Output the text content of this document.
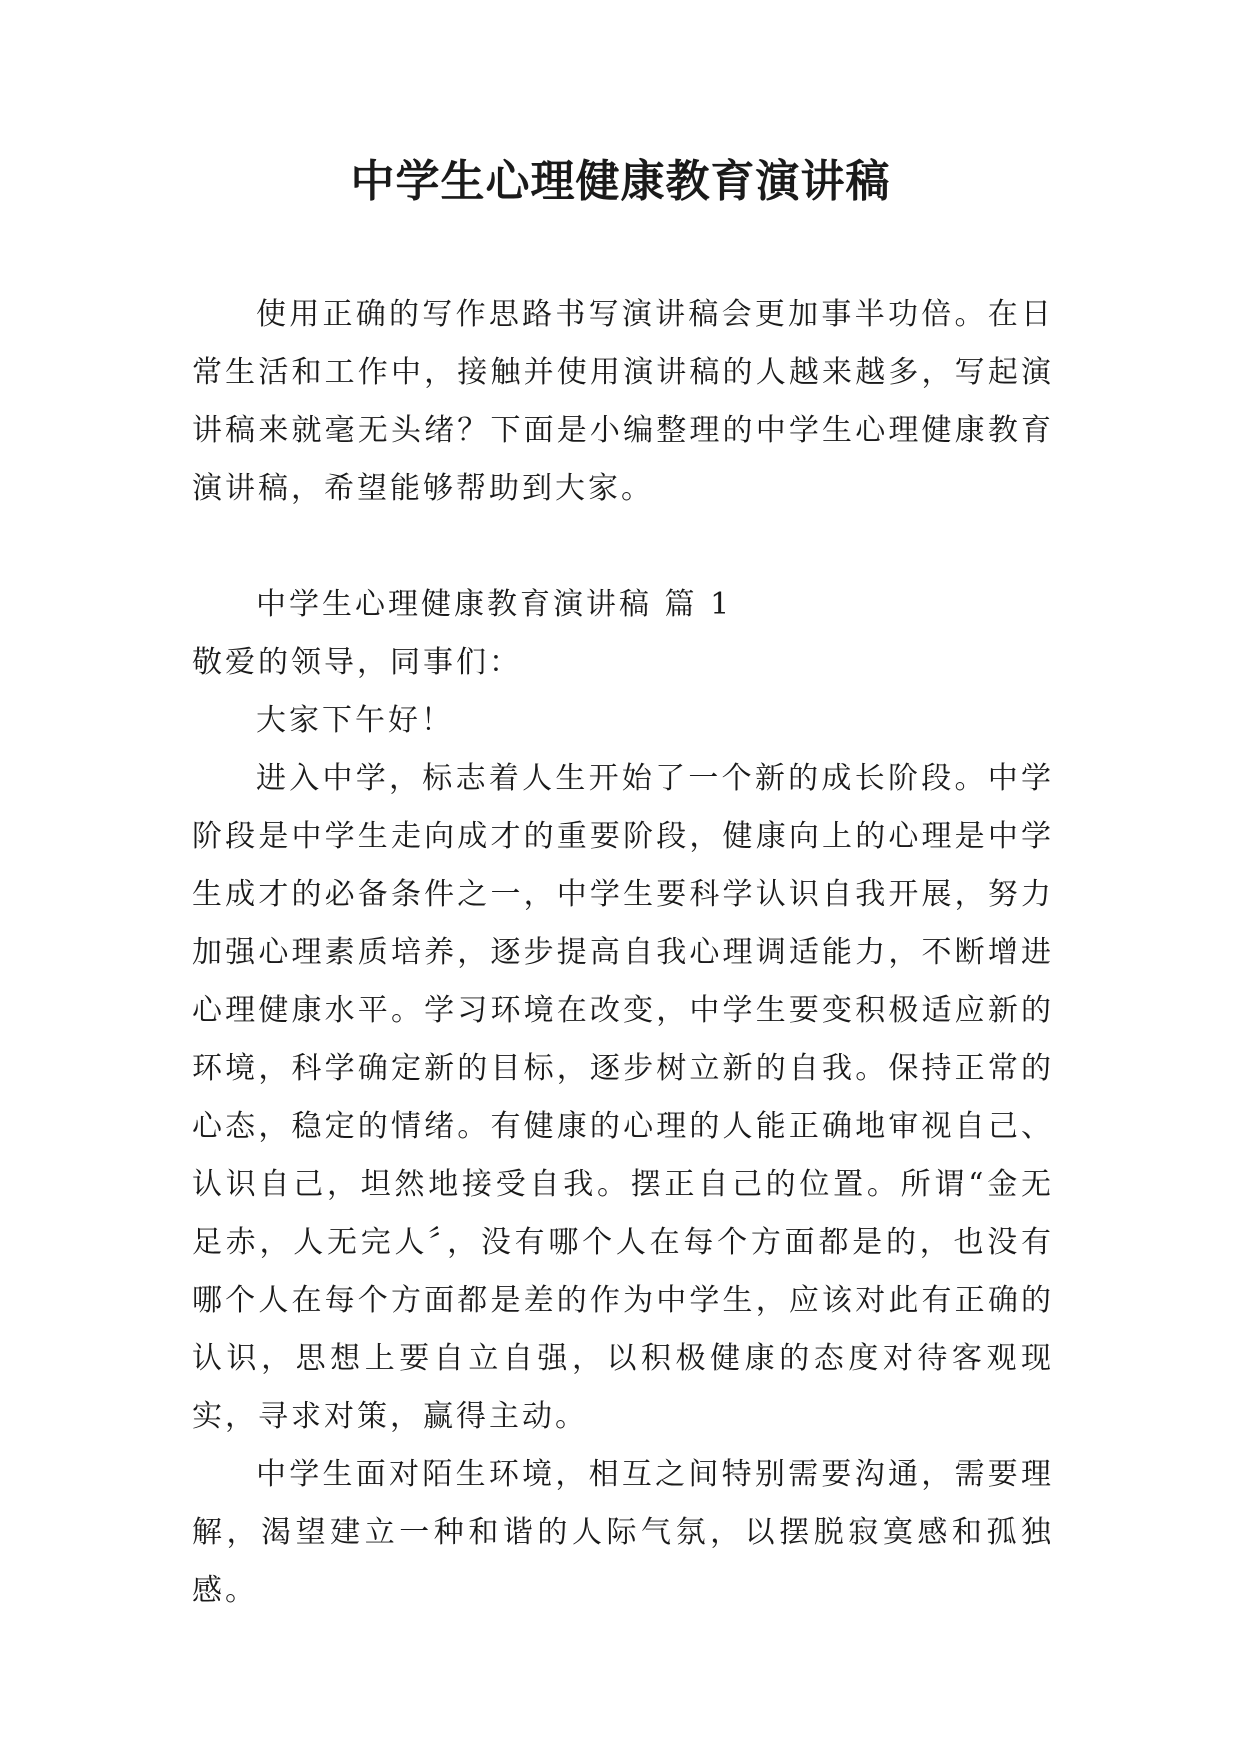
中学生心理健康教育演讲稿

使用正确的写作思路书写演讲稿会更加事半功倍。在日常生活和工作中，接触并使用演讲稿的人越来越多，写起演讲稿来就毫无头绪？下面是小编整理的中学生心理健康教育演讲稿，希望能够帮助到大家。

中学生心理健康教育演讲稿 篇 1

敬爱的领导，同事们：

大家下午好！

进入中学，标志着人生开始了一个新的成长阶段。中学阶段是中学生走向成才的重要阶段，健康向上的心理是中学生成才的必备条件之一，中学生要科学认识自我开展，努力加强心理素质培养，逐步提高自我心理调适能力，不断增进心理健康水平。学习环境在改变，中学生要变积极适应新的环境，科学确定新的目标，逐步树立新的自我。保持正常的心态，稳定的情绪。有健康的心理的人能正确地审视自己、认识自己，坦然地接受自我。摆正自己的位置。所谓“金无足赤，人无完人〞，没有哪个人在每个方面都是的，也没有哪个人在每个方面都是差的作为中学生，应该对此有正确的认识，思想上要自立自强，以积极健康的态度对待客观现实，寻求对策，赢得主动。

中学生面对陌生环境，相互之间特别需要沟通，需要理解，渴望建立一种和谐的人际气氛，以摆脱寂寞感和孤独感。
